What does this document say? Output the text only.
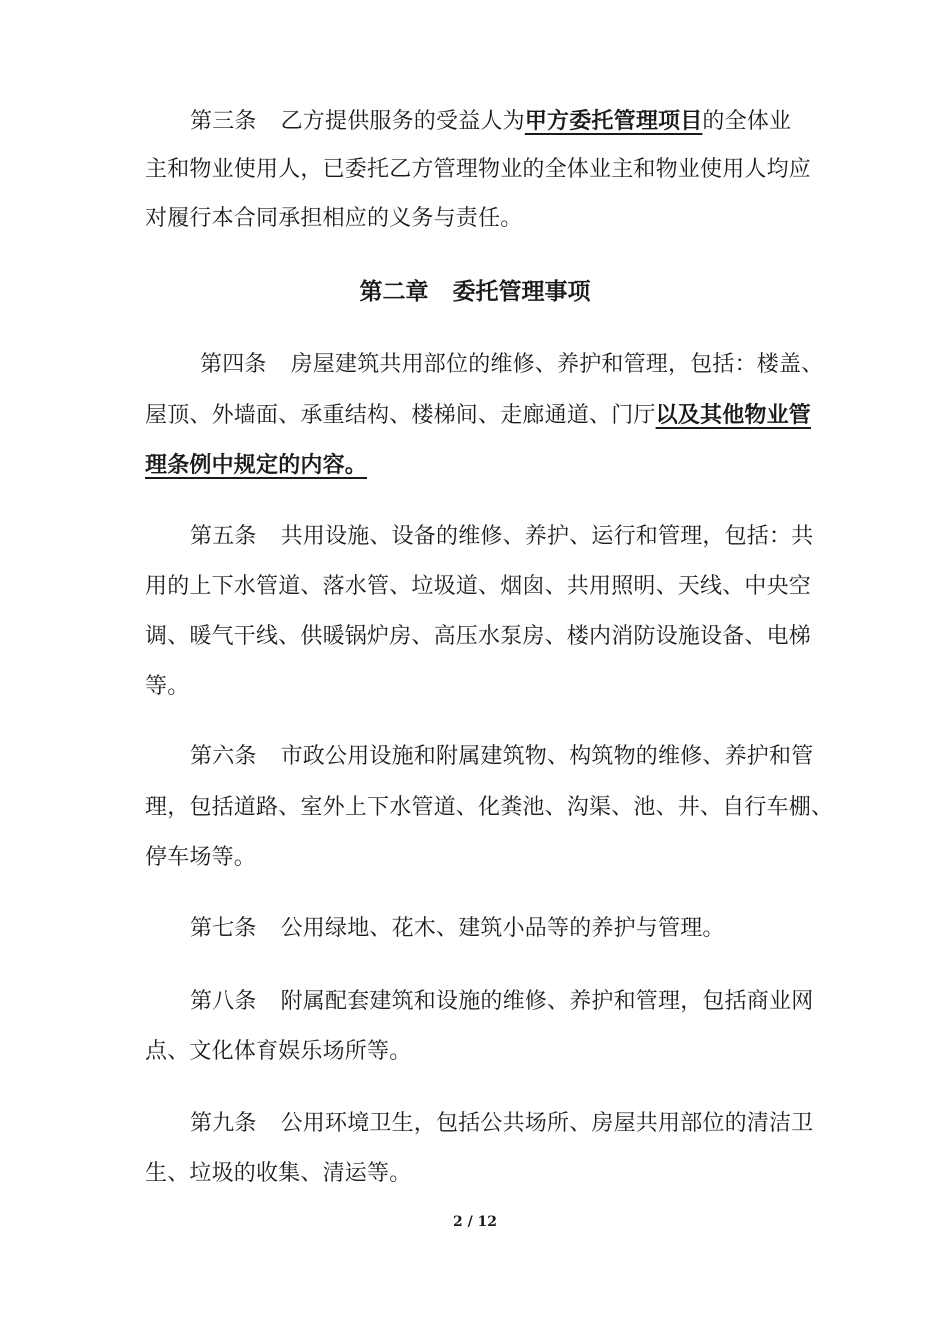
第三条 乙方提供服务的受益人为甲方委托管理项目的全体业
主和物业使用人，已委托乙方管理物业的全体业主和物业使用人均应
对履行本合同承担相应的义务与责任。
第二章 委托管理事项
第四条 房屋建筑共用部位的维修、养护和管理，包括：楼盖、
屋顶、外墙面、承重结构、楼梯间、走廊通道、门厅以及其他物业管
理条例中规定的内容。
第五条 共用设施、设备的维修、养护、运行和管理，包括：共
用的上下水管道、落水管、垃圾道、烟囱、共用照明、天线、中央空
调、暖气干线、供暖锅炉房、高压水泵房、楼内消防设施设备、电梯
等。
第六条 市政公用设施和附属建筑物、构筑物的维修、养护和管
理，包括道路、室外上下水管道、化粪池、沟渠、池、井、自行车棚、
停车场等。
第七条 公用绿地、花木、建筑小品等的养护与管理。
第八条 附属配套建筑和设施的维修、养护和管理，包括商业网
点、文化体育娱乐场所等。
第九条 公用环境卫生，包括公共场所、房屋共用部位的清洁卫
生、垃圾的收集、清运等。
2 / 12
